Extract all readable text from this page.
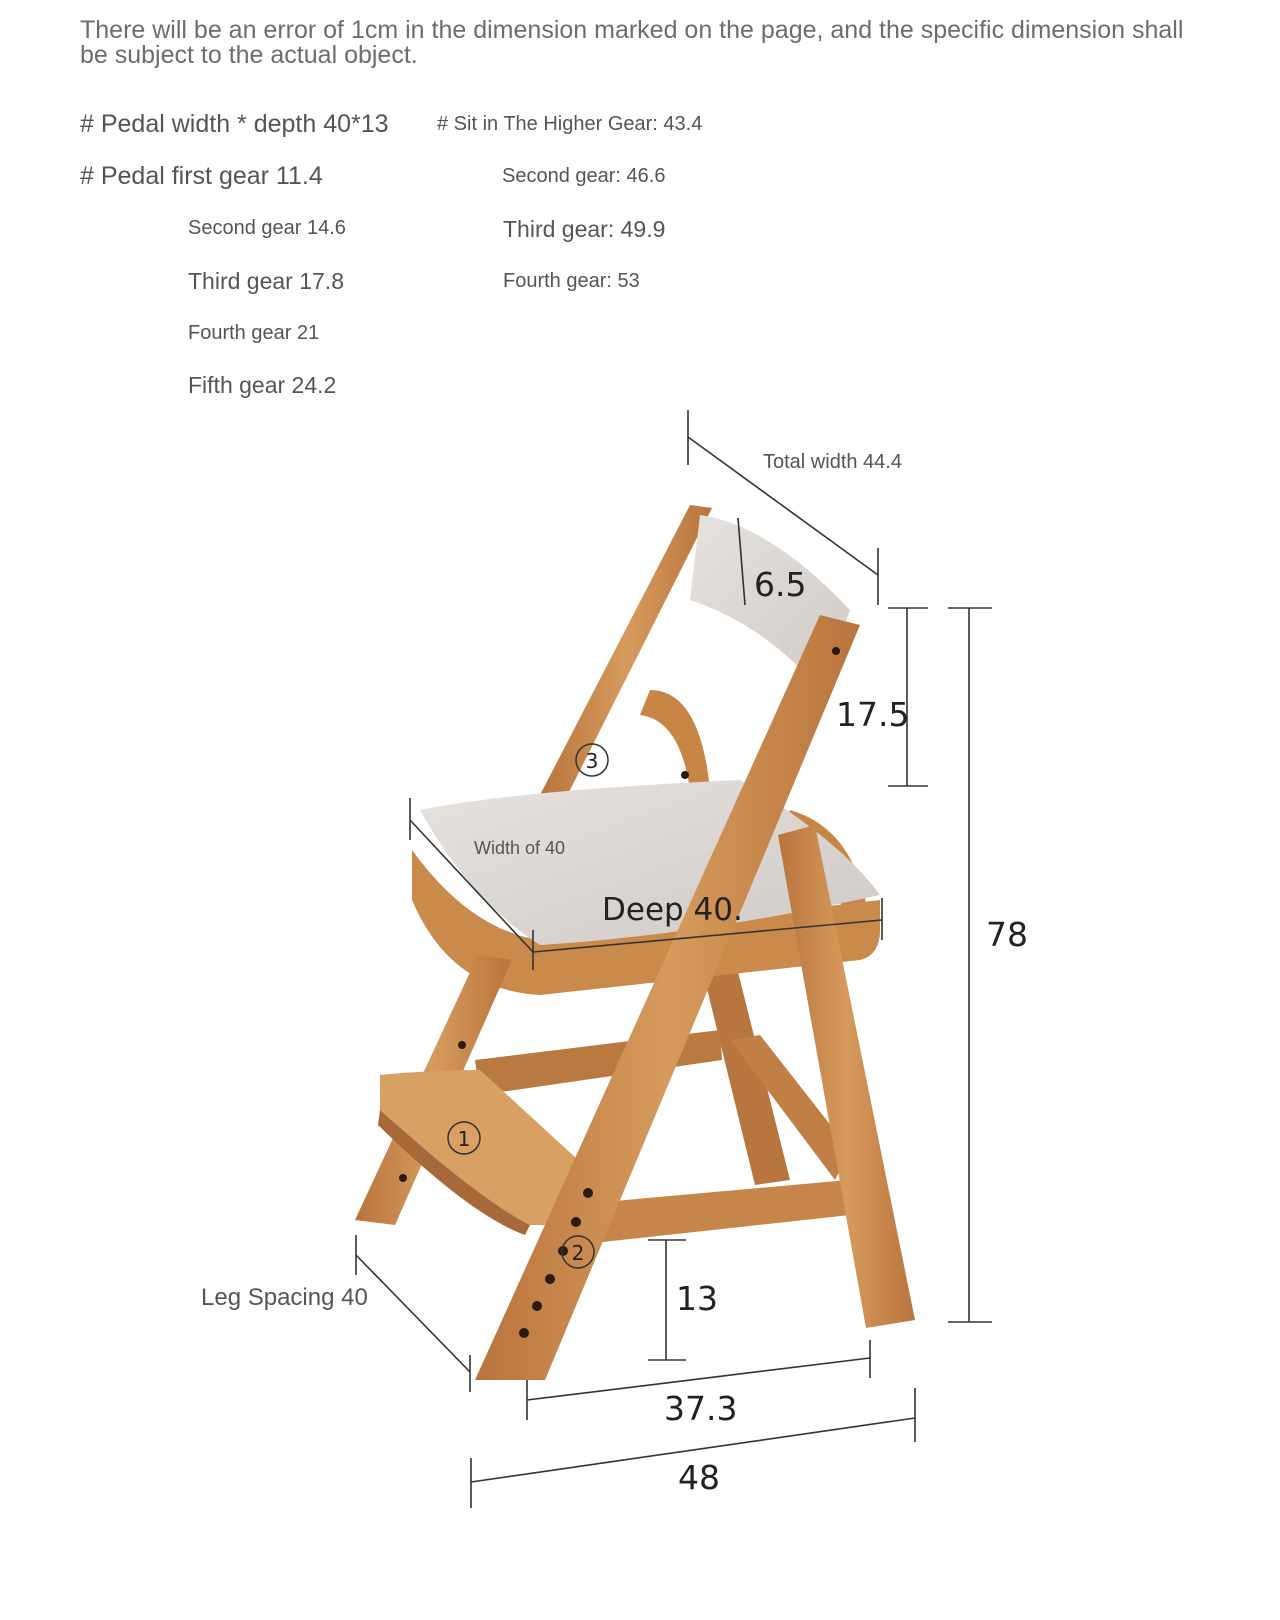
There will be an error of 1cm in the dimension marked on the page, and the specific dimension shall be subject to the actual object.
# Pedal width * depth 40*13 # Sit in The Higher Gear: 43.4
# Pedal first gear 11.4	Second gear: 46.6
Second gear 14.6	Third gear: 49.9
Third gear 17.8	Fourth gear: 53
Fourth gear 21
Fifth gear 24.2
1
2
3
Total width 44.4
6.5
17.5
78
Width of 40
Deep 40.
Leg Spacing 40	13
37.3
48
